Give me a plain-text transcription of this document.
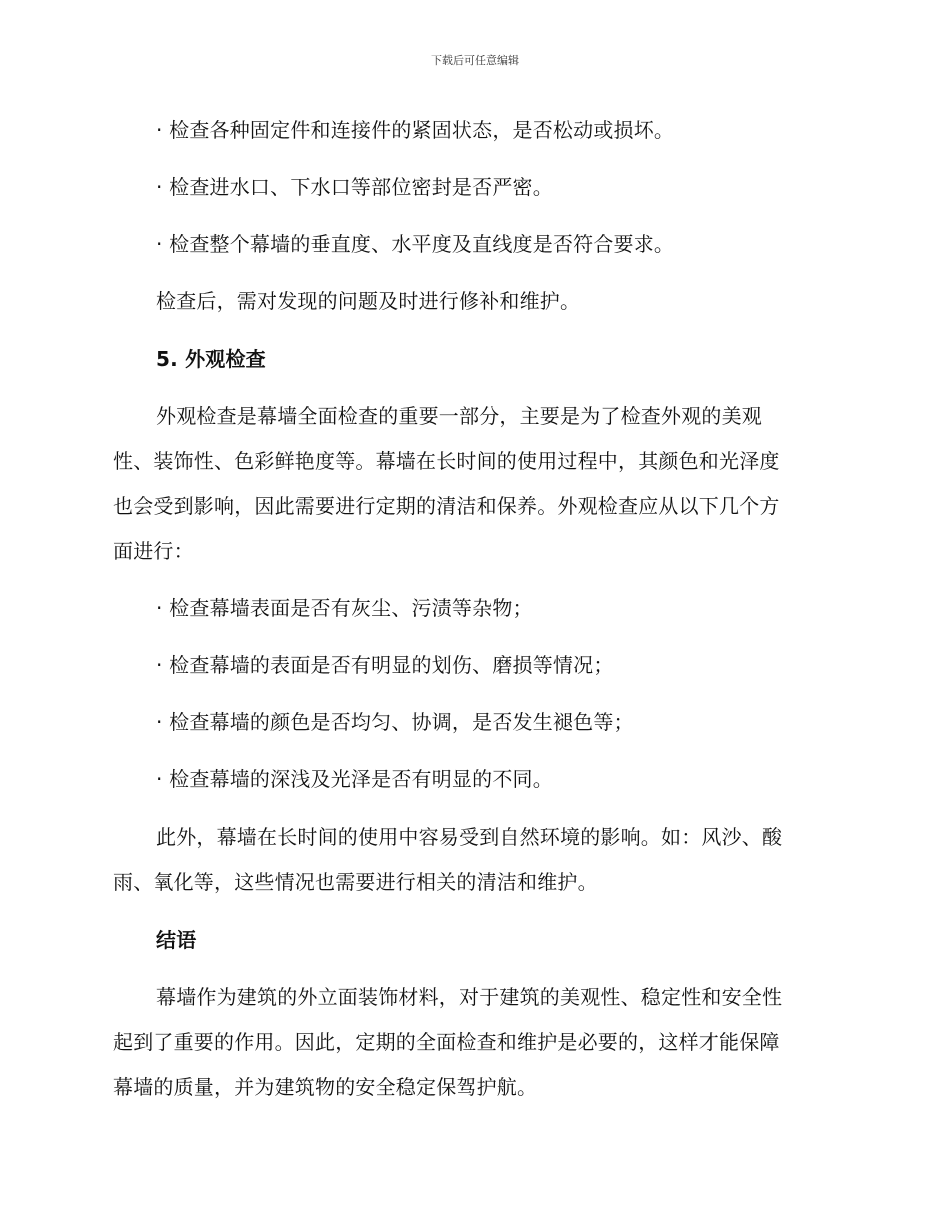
下载后可任意编辑
· 检查各种固定件和连接件的紧固状态，是否松动或损坏。
· 检查进水口、下水口等部位密封是否严密。
· 检查整个幕墙的垂直度、水平度及直线度是否符合要求。
检查后，需对发现的问题及时进行修补和维护。
5. 外观检查
外观检查是幕墙全面检查的重要一部分，主要是为了检查外观的美观
性、装饰性、色彩鲜艳度等。幕墙在长时间的使用过程中，其颜色和光泽度
也会受到影响，因此需要进行定期的清洁和保养。外观检查应从以下几个方
面进行：
· 检查幕墙表面是否有灰尘、污渍等杂物；
· 检查幕墙的表面是否有明显的划伤、磨损等情况；
· 检查幕墙的颜色是否均匀、协调，是否发生褪色等；
· 检查幕墙的深浅及光泽是否有明显的不同。
此外，幕墙在长时间的使用中容易受到自然环境的影响。如：风沙、酸
雨、氧化等，这些情况也需要进行相关的清洁和维护。
结语
幕墙作为建筑的外立面装饰材料，对于建筑的美观性、稳定性和安全性
起到了重要的作用。因此，定期的全面检查和维护是必要的，这样才能保障
幕墙的质量，并为建筑物的安全稳定保驾护航。
